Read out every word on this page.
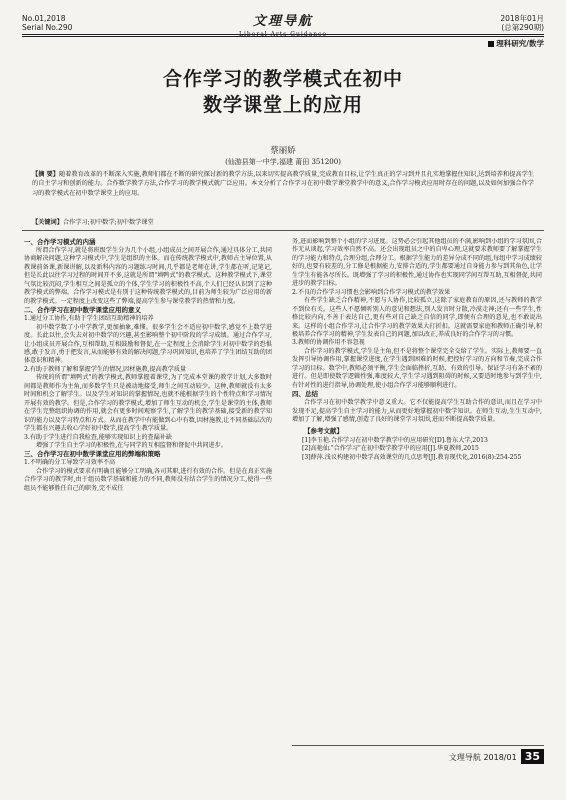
No.01,2018
Serial No.290	文理导航
Liberal Arts Guidance
2018年01月
(总第290期)
理科研究/数学
合作学习的教学模式在初中
数学课堂上的应用
蔡丽娇
(仙游县第一中学,福建 莆田 351200)
【摘 要】随着教育改革的不断深入实施,教师们都在不断的研究探讨新的教学方法,以来切实提高教学质量,完成教育目标,让学生真正的学习到并且扎实地掌握住知识,达到培养和提高学生的自主学习和创新的能力。合作数学教学方法,合作学习的教学模式就广泛应用。本文分析了合作学习在初中数学课堂教学中的意义,合作学习模式应用时存在的问题,以及如何加强合作学习的教学模式在初中数学课堂上的应用。
【关键词】合作学习;初中数学;初中数学课堂
一、合作学习模式的内涵

所谓合作学习,就是将班级学生分为几个小组,小组成员之间开展合作,通过具体分工,共同协商解决问题,这种学习模式中,学生是组织的主体。而在传统教学模式中,教师占主导位置,从教课前备课,新课讲解,以及新科内容的习题练习时间,几乎都是老师在讲,学生都在听,记笔记,但是长此以往学习过程的时间开不多,这就是所谓"填鸭式"的教学模式。这种教学模式下,课堂气氛比较沉闷,学生相互之间是孤立的个体,学生学习的积极性不高,个人们已经认识到了这种教学模式的弊端。合作学习模式是有别于这种传统教学模式的,目前为师生较为广泛应用的新的教学模式。一定程度上改变这些了弊端,提高学生参与课堂教学的热情和力度。

二、合作学习在初中数学课堂应用的意义
1.通过分工协作,有助于学生团结互助精神的培养

初中数学数了小中学教学,更加抽象,难懂。很多学生会不适应初中数学,感觉不上数学进度。长此以往,会失去对初中数学的兴趣,甚至影响整个初中阶段的学习成绩。通过合作学习,让小组成员开展合作,互相帮助,互相鼓励和督促,在一定程度上会消除学生对初中数学的恐惧感,敢于发言,勇于把发言,从而能够有效的解决问题,学习巩固知识,也培养了学生团结互助的团体意识和精神。

2.有助于教师了解和掌握学生的情况,因材施教,提高教学质量

传统的所谓"填鸭式"的教学模式,教师掌握着课堂,为了完成本堂课的教学计划,大多数时间都是教师作为主角,而多数学生只是被动地接受,师生之间互动较少。这种,教师就没有太多时间和机会了解学生。以及学生对知识的掌握情况,也就不能根据学生的个性特点和学习情况开展有效的教学。但是,合作学习的教学模式,增加了师生互动的机会,学生是课堂的主体,教师在学生完整组织协调的作用,就会有更多时间观察学生,了解学生的教学基础,接受新的教学知识的能力以及学习特点和方式。从而在教学中有能做到心中有数,因材施教,让不同基础层次的学生都有兴趣去收心学好初中数学,提高学生教学质量。

3.有助于学生进行自我检查,能够实现知识上的查漏补缺

增强了学生自主学习的积极性,在与同学的互相监督和督促中共同进步。

三、合作学习在初中数学课堂应用的弊端和策略
1.不明确的分工导致学习效率不高

合作学习的模式要求有明确且能够分工明确,各司其职,进行有效的合作。但是在真正实施合作学习的教学时,由于组员数学基础和能力的不同,教师没有结合学生的情况分工,使得一些组员不能够胜任自己的职务,完不成任

务,进而影响到整个小组的学习进度。这势必会引起其他组员的不满,影响到小组的学习氛围,合作无从谈起,学习效率自然不高。还会出现组员之中的自卑心理,这就要求教师要了解掌握学生的学习能力和特点,合理分组,合理分工。根据学生能力的差异分成不同的组,每组中学习成绩较好的,也要有较差的,分工修是根据能力,安排合适的,学生都要通过自身能力参与到其角色,让学生学生有能各尽所长。既增强了学习的积极性,通过协作也实现同学间互帮互助,互相督促,共同进步的教学目标。

2.不良的合作学习习惯也会影响到合作学习模式的教学效果

有些学生缺乏合作精神,不愿与人协作,比较孤立,这除了家庭教育的原因,还与教师的教学不到位有关。这些人不愿倾听别人的意见和想法,别人发言时分散,冷漠走神;还有一些学生,性格比较内向,不善于表达自己,更有些对自己缺乏自信的同学,即便有合理的意见,也不敢说出来。这样的小组合作学习,让合作学习的教学效果大打折扣。这就需要家庭和教师正确引导,积极培养合作学习的精神,学生发表自己的问题,加以改正,养成良好的合作学习的习惯。

3.教师的协调作用不容忽视

合作学习的教学模式,学生是主角,但不是将整个课堂完全交给了学生。实际上,教师要一直发挥引导协调作用,掌握课堂进度,在学生遇到困难的时候,把控好学习的方向和节奏,完成合作学习的目标。数学中,教师必须平衡,学生会面临挫折,互助、有效的引导。保证学习有条不紊的进行。但是即使数学逻辑性强,难度较大,学生学习遇到阻碍的时候,又要适时地参与到学生中,有针对性的进行指导,协调处理,使小组合作学习能够顺利进行。

四、总结

合作学习在初中数学教学中意义重大。它不仅能提高学生互助合作的意识,而且在学习中发现不足,提高学生自主学习的能力,从而更好地掌握初中数学知识。在师生互动,生生互动中,增加了了解,增强了感情,创造了良好的课堂学习氛围,进而不断提高数学质量。

【参考文献】

[1]李玉艳.合作学习在初中数学教学中的应用研究[D].鲁东大学,2013

[2]高艳仙."合作学习"在初中数学教学中的应用[J].华夏教师,2015

[3]薛萍.浅议构建初中数学高效课堂的几点思考[J].教育现代化,2016(8):254-255

文理导航 2018/01 35
